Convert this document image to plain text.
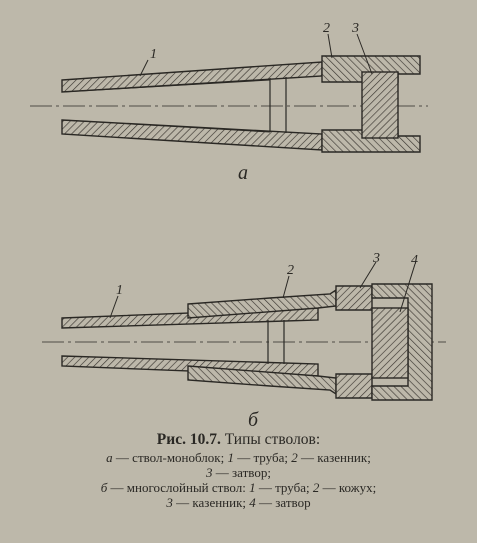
1
2 3
а
1
2
3 4
б
Рис. 10.7. Типы стволов:
а — ствол-моноблок; 1 — труба; 2 — казенник;
3 — затвор;
б — многослойный ствол: 1 — труба; 2 — кожух;
3 — казенник; 4 — затвор
